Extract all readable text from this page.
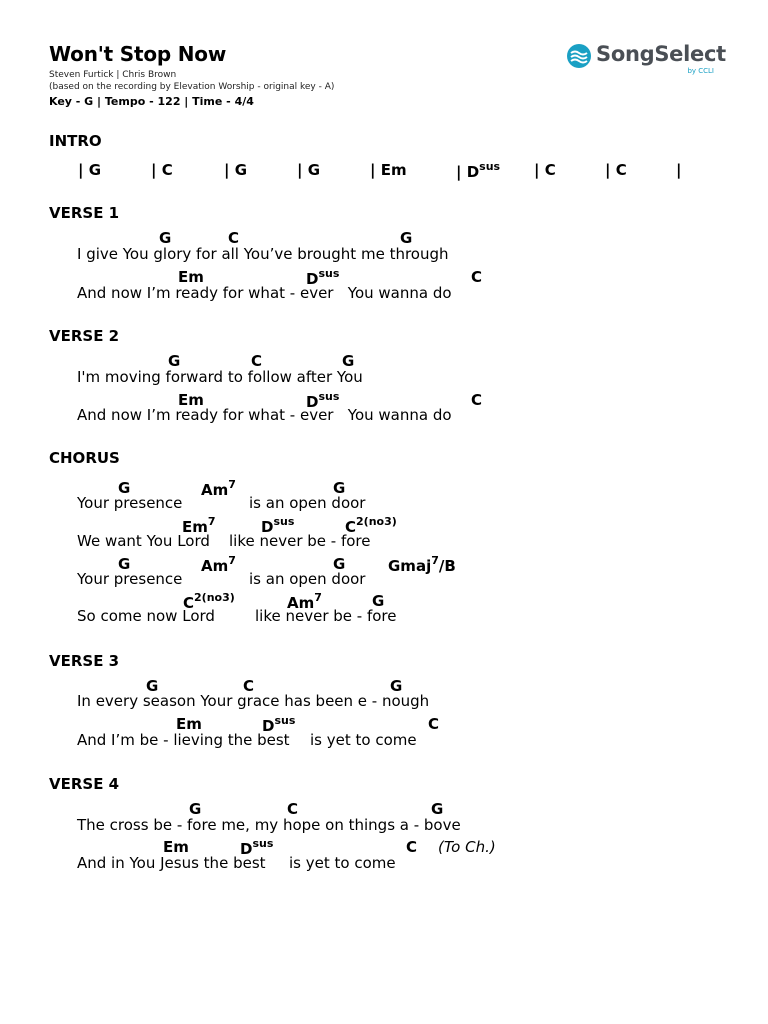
Won't Stop Now
Steven Furtick | Chris Brown
(based on the recording by Elevation Worship - original key - A)
Key - G | Tempo - 122 | Time - 4/4
SongSelect
by CCLI
INTRO
| G	| C	| G	| G	| Em	| $D^{sus}$ | C	| C	|
VERSE 1
G	C	G
I give You glory for all You’ve brought me through
Em	$D^{sus}$	C
And now I’m ready for what - ever   You wanna do
VERSE 2
G	C	G
I'm moving forward to follow after You
Em	$D^{sus}$	C
And now I’m ready for what - ever   You wanna do
CHORUS
G	Am$^7$	G
Your presence	is an open door
Em$^7$	$D^{sus}$	$C^{2(no3)}$
We want You Lord like never be - fore
G	Am$^7$	G	Gmaj$^7$/B
Your presence	is an open door
$C^{2(no3)}$	Am$^7$	G
So come now Lord	like never be - fore
VERSE 3
G	C	G
In every season Your grace has been e - nough
Em	$D^{sus}$	C
And I’m be - lieving the best is yet to come
VERSE 4
G	C	G
The cross be - fore me, my hope on things a - bove
Em	$D^{sus}$	C (To Ch.)
And in You Jesus the best is yet to come
